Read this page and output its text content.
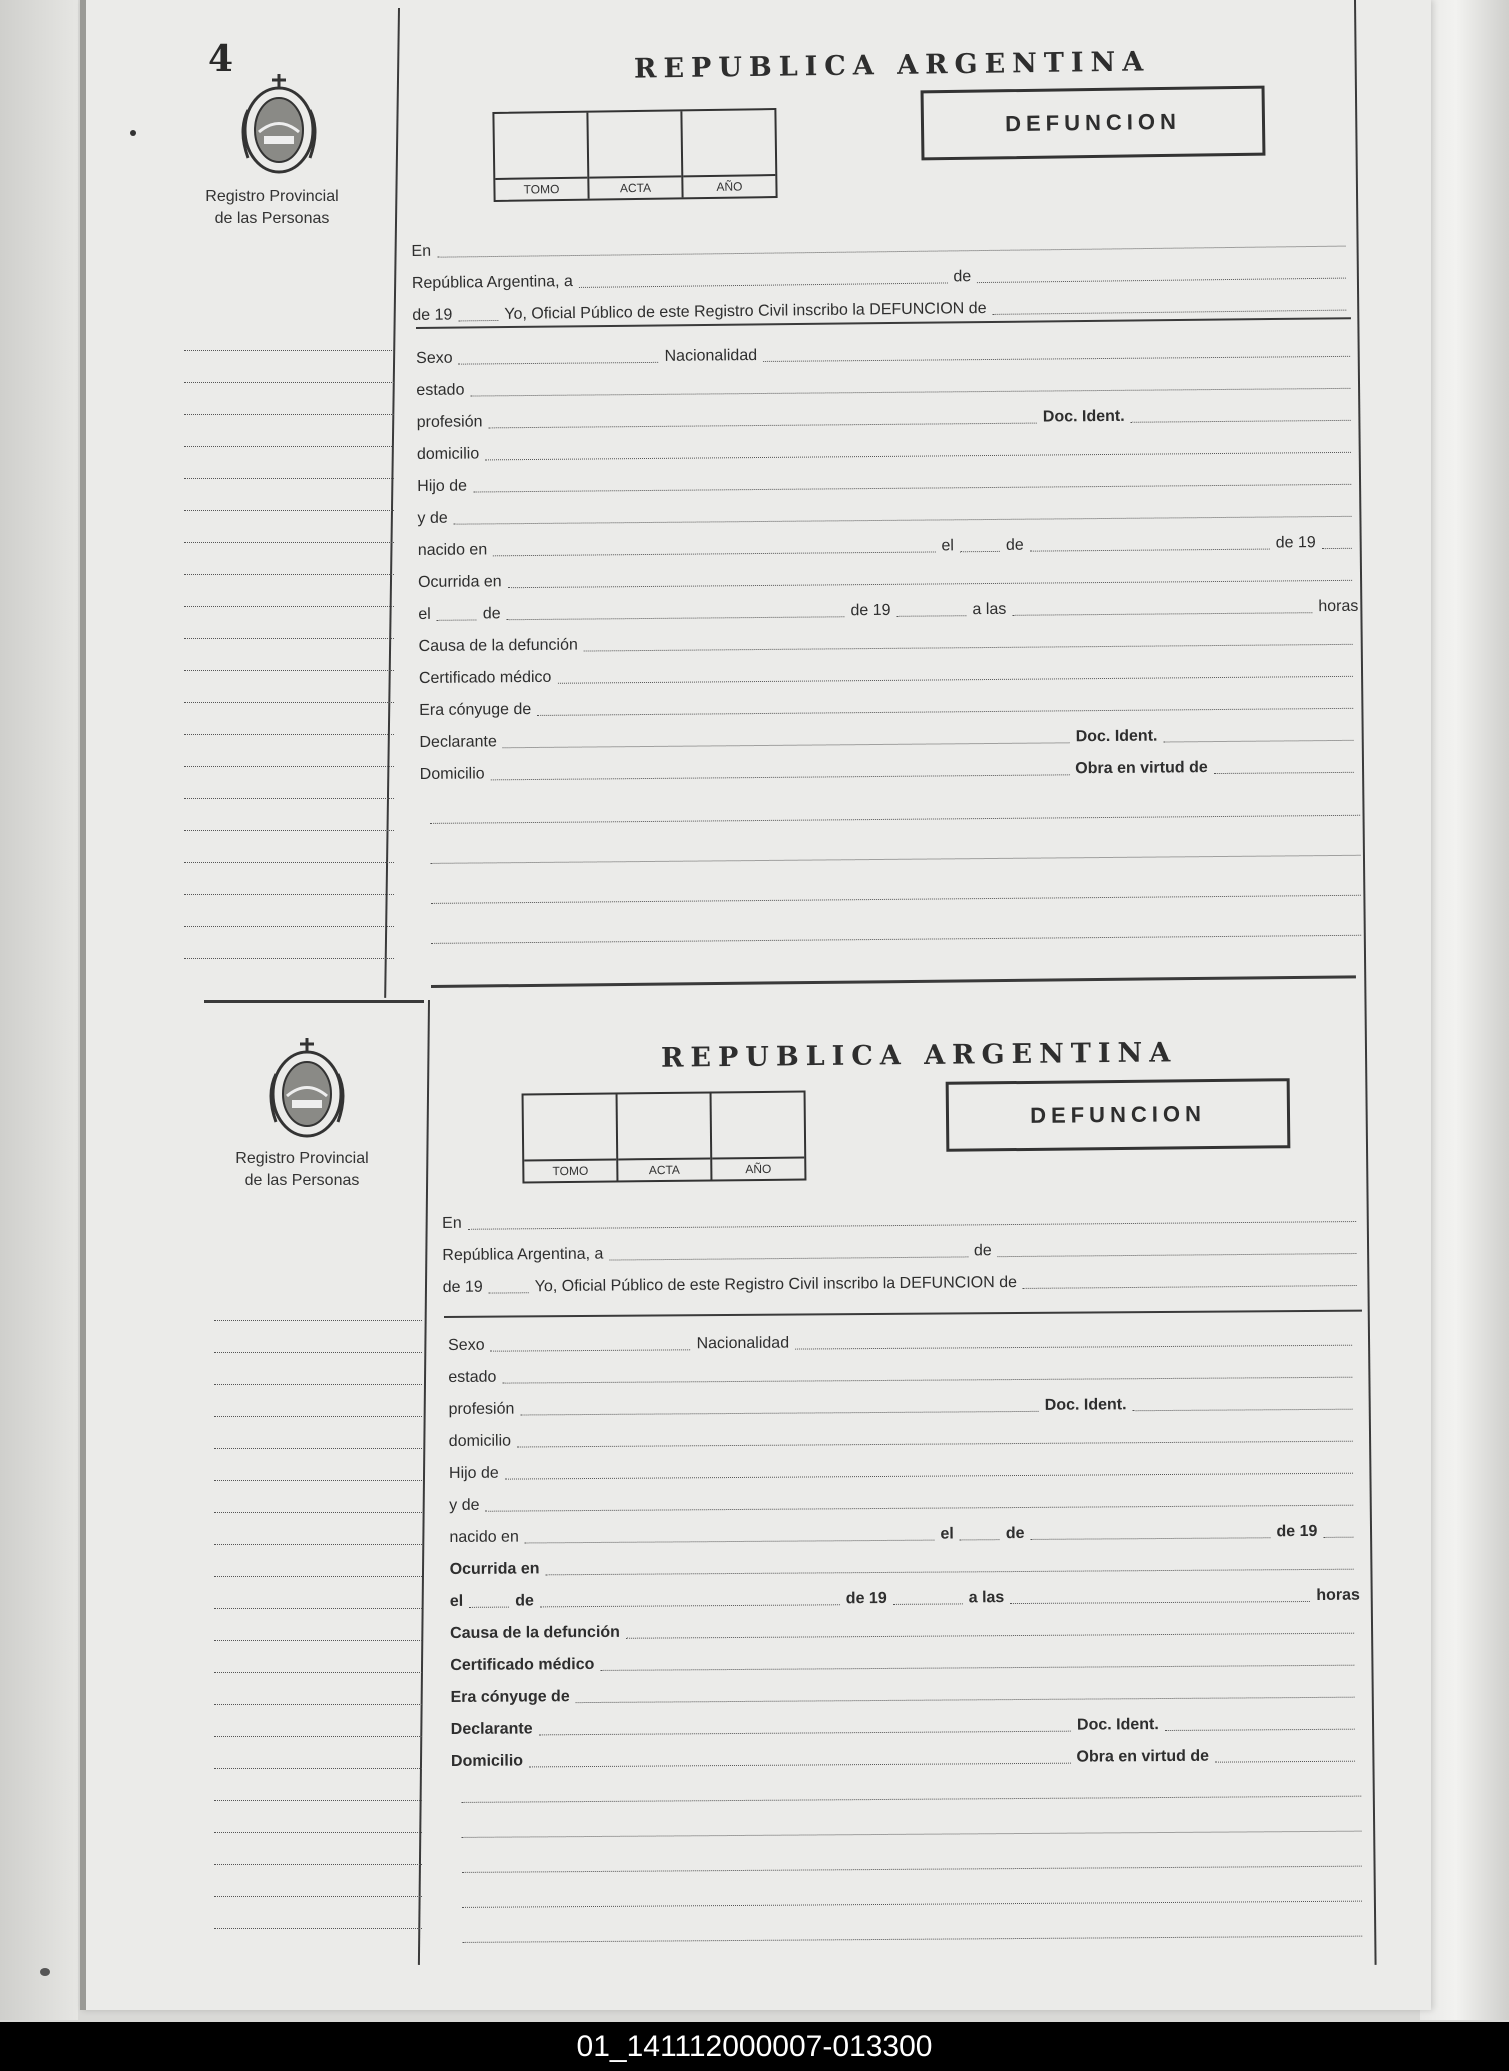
4
Registro Provincial
de las Personas
REPUBLICA ARGENTINA
TOMO	ACTA	AÑO
DEFUNCION
En
República Argentina, a	de
de 19	Yo, Oficial Público de este Registro Civil inscribo la DEFUNCION de
Sexo	Nacionalidad
estado
profesión	Doc. Ident.
domicilio
Hijo de
y de
nacido en	el	de	de 19
Ocurrida en
el	de	de 19	a las	horas
Causa de la defunción
Certificado médico
Era cónyuge de
Declarante	Doc. Ident.
Domicilio	Obra en virtud de
Registro Provincial
de las Personas
REPUBLICA ARGENTINA
TOMO	ACTA	AÑO
DEFUNCION
En
República Argentina, a	de
de 19	Yo, Oficial Público de este Registro Civil inscribo la DEFUNCION de
Sexo	Nacionalidad
estado
profesión	Doc. Ident.
domicilio
Hijo de
y de
nacido en	el	de	de 19
Ocurrida en
el	de	de 19	a las	horas
Causa de la defunción
Certificado médico
Era cónyuge de
Declarante	Doc. Ident.
Domicilio	Obra en virtud de
01_141112000007-013300
